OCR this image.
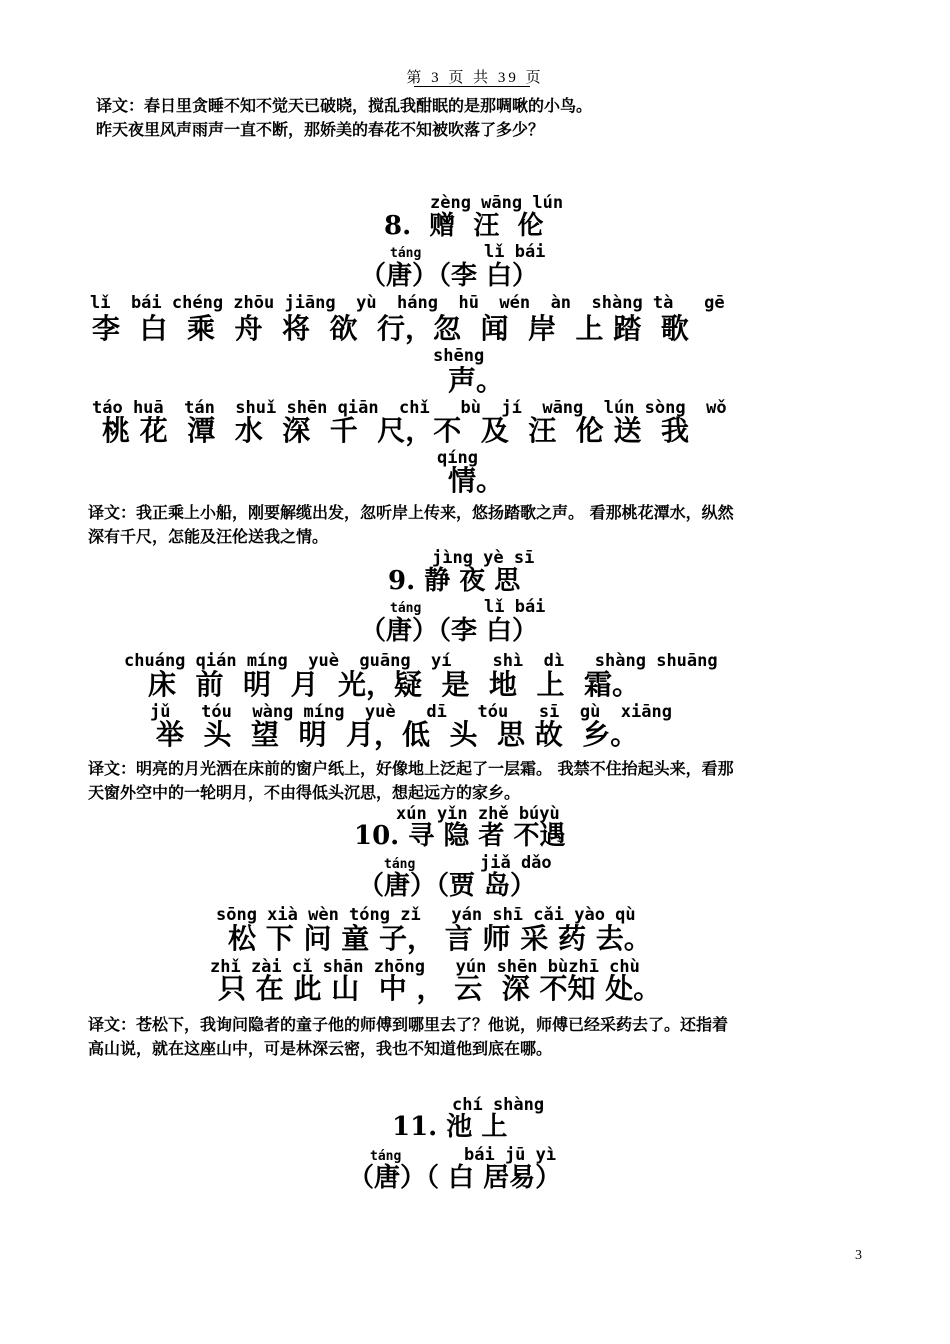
第 3 页 共 39 页
译文：春日里贪睡不知不觉天已破晓，搅乱我酣眠的是那啁啾的小鸟。
昨天夜里风声雨声一直不断，那娇美的春花不知被吹落了多少？
zèng wāng lún
8.  赠  汪  伦
táng	lǐ bái
（唐）（李 白）
lǐ  bái chéng zhōu jiāng  yù  háng  hū  wén  àn  shàng tà   gē
李  白  乘  舟  将  欲  行，忽  闻  岸  上 踏  歌
shēng
声。
táo huā  tán  shuǐ shēn qiān  chǐ   bù  jí  wāng  lún sòng  wǒ
桃 花  潭  水  深  千  尺，不  及  汪  伦 送  我
qíng
情。
译文：我正乘上小船，刚要解缆出发，忽听岸上传来，悠扬踏歌之声。 看那桃花潭水，纵然
深有千尺，怎能及汪伦送我之情。
jìng yè sī
9. 静 夜 思
táng	lǐ bái
（唐）（李 白）
chuáng qián míng  yuè  guāng  yí    shì  dì   shàng shuāng
床  前  明  月  光，疑  是  地  上  霜。
jǔ   tóu  wàng míng  yuè   dī   tóu   sī  gù  xiāng
举  头  望  明  月，低  头  思 故  乡。
译文：明亮的月光洒在床前的窗户纸上，好像地上泛起了一层霜。 我禁不住抬起头来，看那
天窗外空中的一轮明月，不由得低头沉思，想起远方的家乡。
xún yǐn zhě búyù
10. 寻 隐 者 不遇
táng	jiǎ dǎo
（唐）（贾 岛）
sōng xià wèn tóng zǐ   yán shī cǎi yào qù
松 下 问 童 子， 言 师 采 药 去。
zhǐ zài cǐ shān zhōng   yún shēn bùzhī chù
只 在 此 山  中 ， 云  深 不知 处。
译文：苍松下，我询问隐者的童子他的师傅到哪里去了？他说，师傅已经采药去了。还指着
高山说，就在这座山中，可是林深云密，我也不知道他到底在哪。
chí shàng
11. 池 上
táng	bái jū yì
（唐）（ 白 居易）
3
